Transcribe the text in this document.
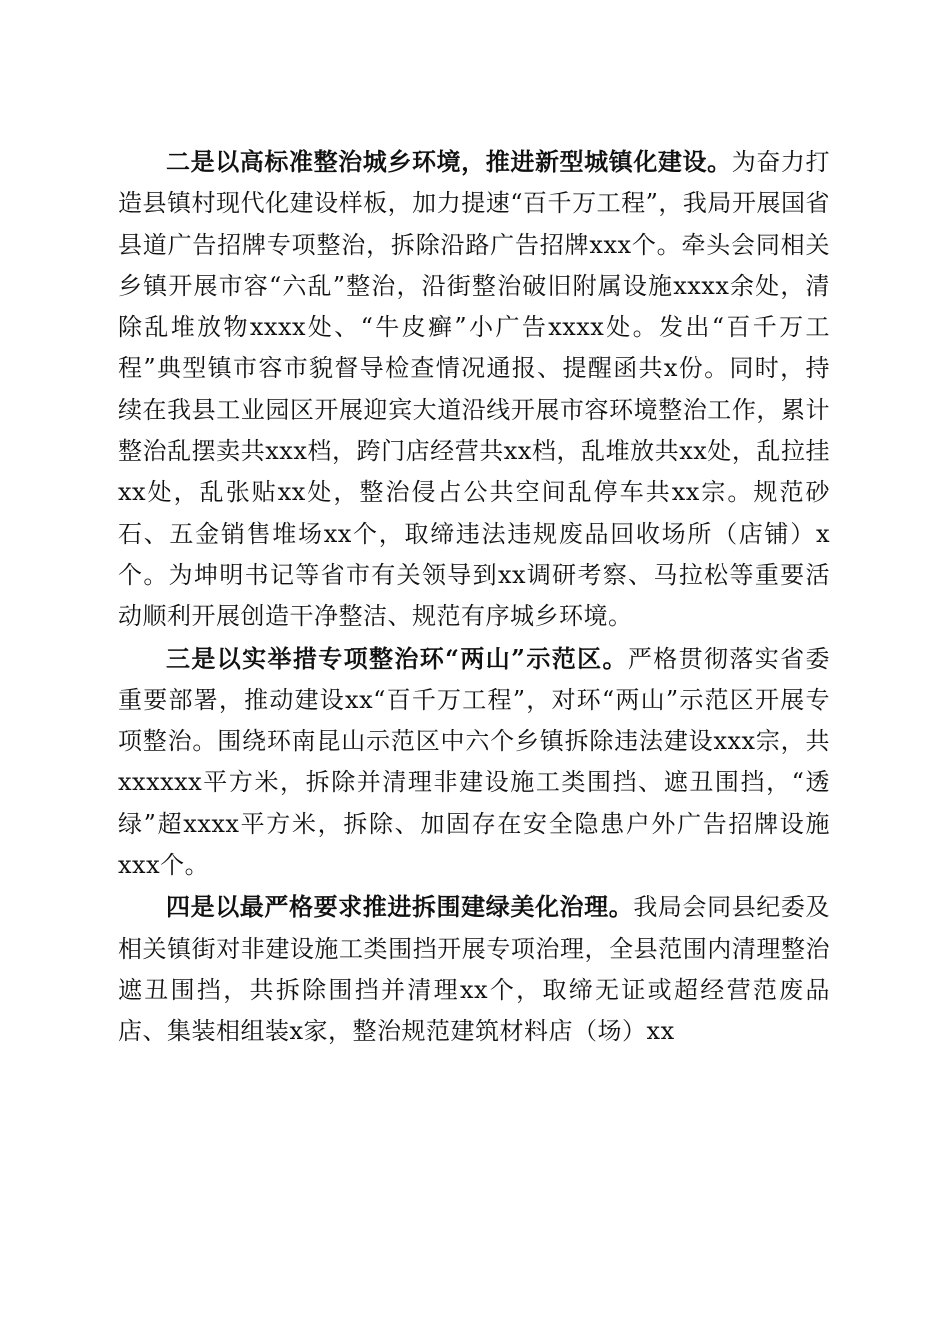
二是以高标准整治城乡环境，推进新型城镇化建设。为奋力打造县镇村现代化建设样板，加力提速“百千万工程”，我局开展国省县道广告招牌专项整治，拆除沿路广告招牌xxx个。牵头会同相关乡镇开展市容“六乱”整治，沿街整治破旧附属设施xxxx余处，清除乱堆放物xxxx处、“牛皮癣”小广告xxxx处。发出“百千万工程”典型镇市容市貌督导检查情况通报、提醒函共x份。同时，持续在我县工业园区开展迎宾大道沿线开展市容环境整治工作，累计整治乱摆卖共xxx档，跨门店经营共xx档，乱堆放共xx处，乱拉挂xx处，乱张贴xx处，整治侵占公共空间乱停车共xx宗。规范砂石、五金销售堆场xx个，取缔违法违规废品回收场所（店铺）x个。为坤明书记等省市有关领导到xx调研考察、马拉松等重要活动顺利开展创造干净整洁、规范有序城乡环境。

三是以实举措专项整治环“两山”示范区。严格贯彻落实省委重要部署，推动建设xx“百千万工程”，对环“两山”示范区开展专项整治。围绕环南昆山示范区中六个乡镇拆除违法建设xxx宗，共xxxxxx平方米，拆除并清理非建设施工类围挡、遮丑围挡，“透绿”超xxxx平方米，拆除、加固存在安全隐患户外广告招牌设施xxx个。

四是以最严格要求推进拆围建绿美化治理。我局会同县纪委及相关镇街对非建设施工类围挡开展专项治理，全县范围内清理整治遮丑围挡，共拆除围挡并清理xx个，取缔无证或超经营范废品店、集装相组装x家，整治规范建筑材料店（场）xx
